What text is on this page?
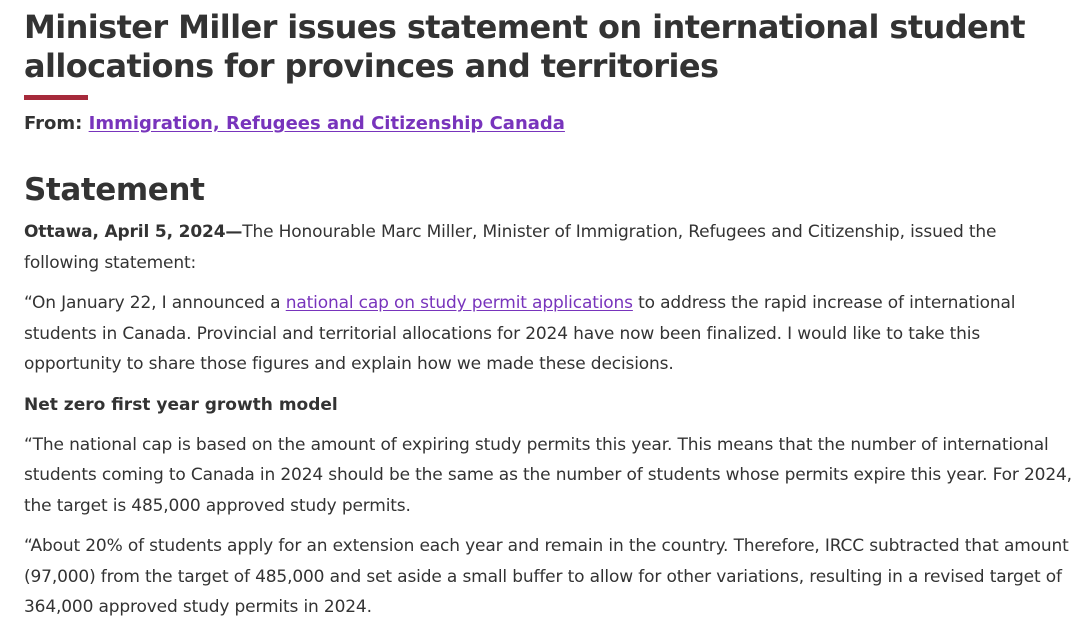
Minister Miller issues statement on international student allocations for provinces and territories
From: Immigration, Refugees and Citizenship Canada
Statement

Ottawa, April 5, 2024—The Honourable Marc Miller, Minister of Immigration, Refugees and Citizenship, issued the following statement:

“On January 22, I announced a national cap on study permit applications to address the rapid increase of international students in Canada. Provincial and territorial allocations for 2024 have now been finalized. I would like to take this opportunity to share those figures and explain how we made these decisions.

Net zero first year growth model

“The national cap is based on the amount of expiring study permits this year. This means that the number of international students coming to Canada in 2024 should be the same as the number of students whose permits expire this year. For 2024, the target is 485,000 approved study permits.

“About 20% of students apply for an extension each year and remain in the country. Therefore, IRCC subtracted that amount (97,000) from the target of 485,000 and set aside a small buffer to allow for other variations, resulting in a revised target of 364,000 approved study permits in 2024.
